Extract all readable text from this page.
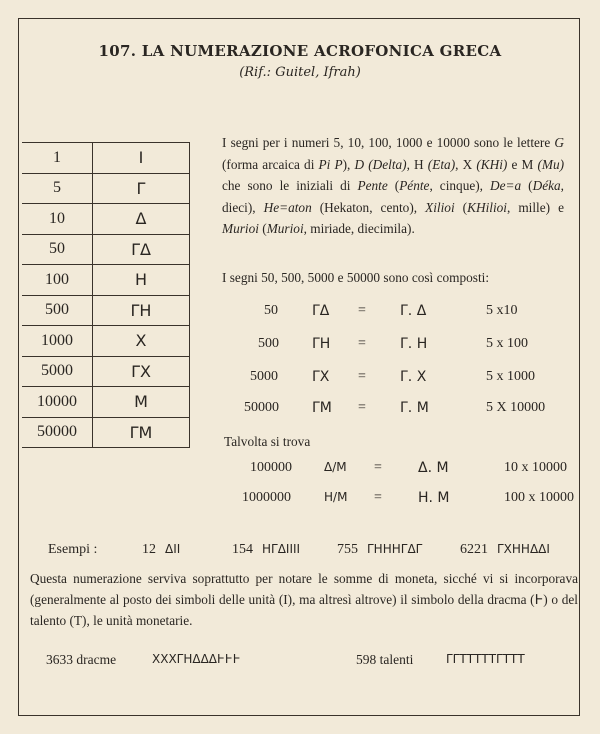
107. LA NUMERAZIONE ACROFONICA GRECA
(Rif.: Guitel, Ifrah)
1	Ι
5	Γ
10	Δ
50	ΓΔ
100	Η
500	ΓΗ
1000	Χ
5000	ΓΧ
10000	Μ
50000	ΓΜ
I segni per i numeri 5, 10, 100, 1000 e 10000 sono le lettere G (forma arcaica di Pi P), D (Delta), H (Eta), X (KHi) e M (Mu) che sono le iniziali di Pente (Pénte, cinque), De=a (Déka, dieci), He=aton (Hekaton, cento), Xilioi (KHilioi, mille) e Murioi (Murioi, miriade, diecimila).
I segni 50, 500, 5000 e 50000 sono così composti:
50 ΓΔ = Γ. Δ	5 x10
500 ΓΗ = Γ. Η	5 x 100
5000 ΓΧ = Γ. Χ	5 x 1000
50000 ΓΜ = Γ. Μ	5 X 10000
Talvolta si trova
100000	Δ/Μ =	Δ. Μ	10 x 10000
1000000	Η/Μ =	Η. Μ	100 x 10000
Esempi :	12 ΔΙΙ	154 ΗΓΔΙΙΙΙ	755 ΓΗΗΗΓΔΓ	6221 ΓΧΗΗΔΔΙ
Questa numerazione serviva soprattutto per notare le somme di moneta, sicché vi si incorporava (generalmente al posto dei simboli delle unità (Ι), ma altresì altrove) il simbolo della dracma (Ͱ) o del talento (Τ), le unità monetarie.
3633 dracme	ΧΧΧΓΗΔΔΔͰͰͰ	598 talenti	ΓΓΤΤΤΤΤΓΤΤΤ
